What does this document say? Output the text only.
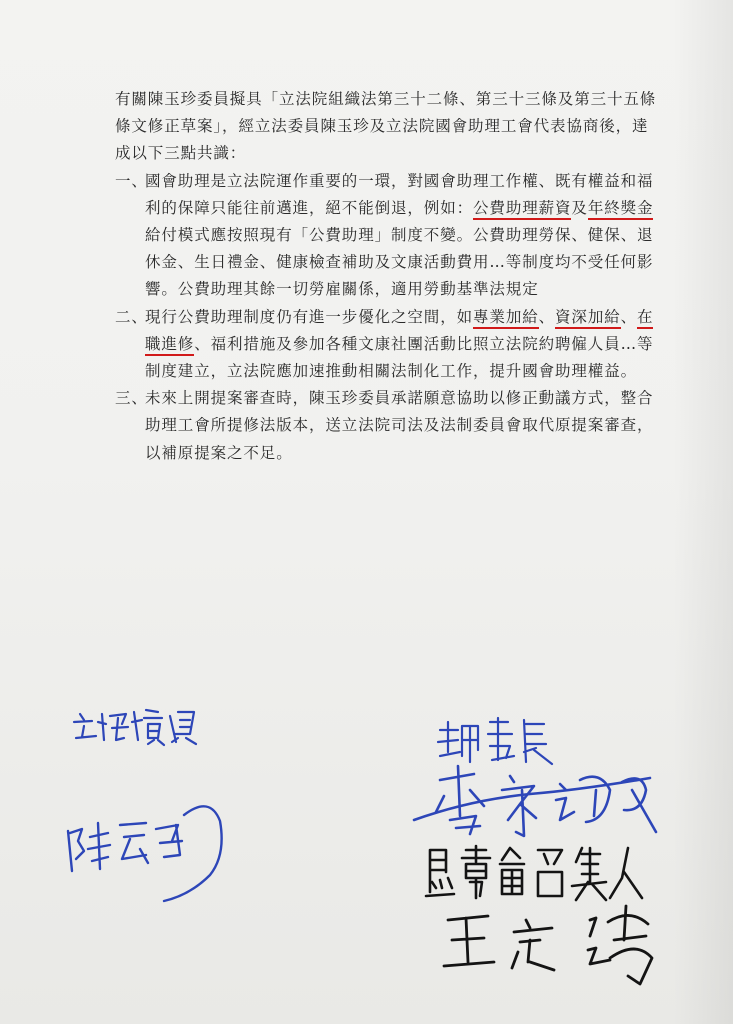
有關陳玉珍委員擬具「立法院組織法第三十二條、第三十三條及第三十五條條文修正草案」，經立法委員陳玉珍及立法院國會助理工會代表協商後，達成以下三點共識：

一、
國會助理是立法院運作重要的一環，對國會助理工作權、既有權益和福利的保障只能往前邁進，絕不能倒退，例如：公費助理薪資及年終獎金給付模式應按照現有「公費助理」制度不變。公費助理勞保、健保、退休金、生日禮金、健康檢查補助及文康活動費用…等制度均不受任何影響。公費助理其餘一切勞雇關係，適用勞動基準法規定
二、
現行公費助理制度仍有進一步優化之空間，如專業加給、資深加給、在職進修、福利措施及參加各種文康社團活動比照立法院約聘僱人員…等制度建立，立法院應加速推動相關法制化工作，提升國會助理權益。
三、
未來上開提案審查時，陳玉珍委員承諾願意協助以修正動議方式，整合助理工會所提修法版本，送立法院司法及法制委員會取代原提案審查，以補原提案之不足。
